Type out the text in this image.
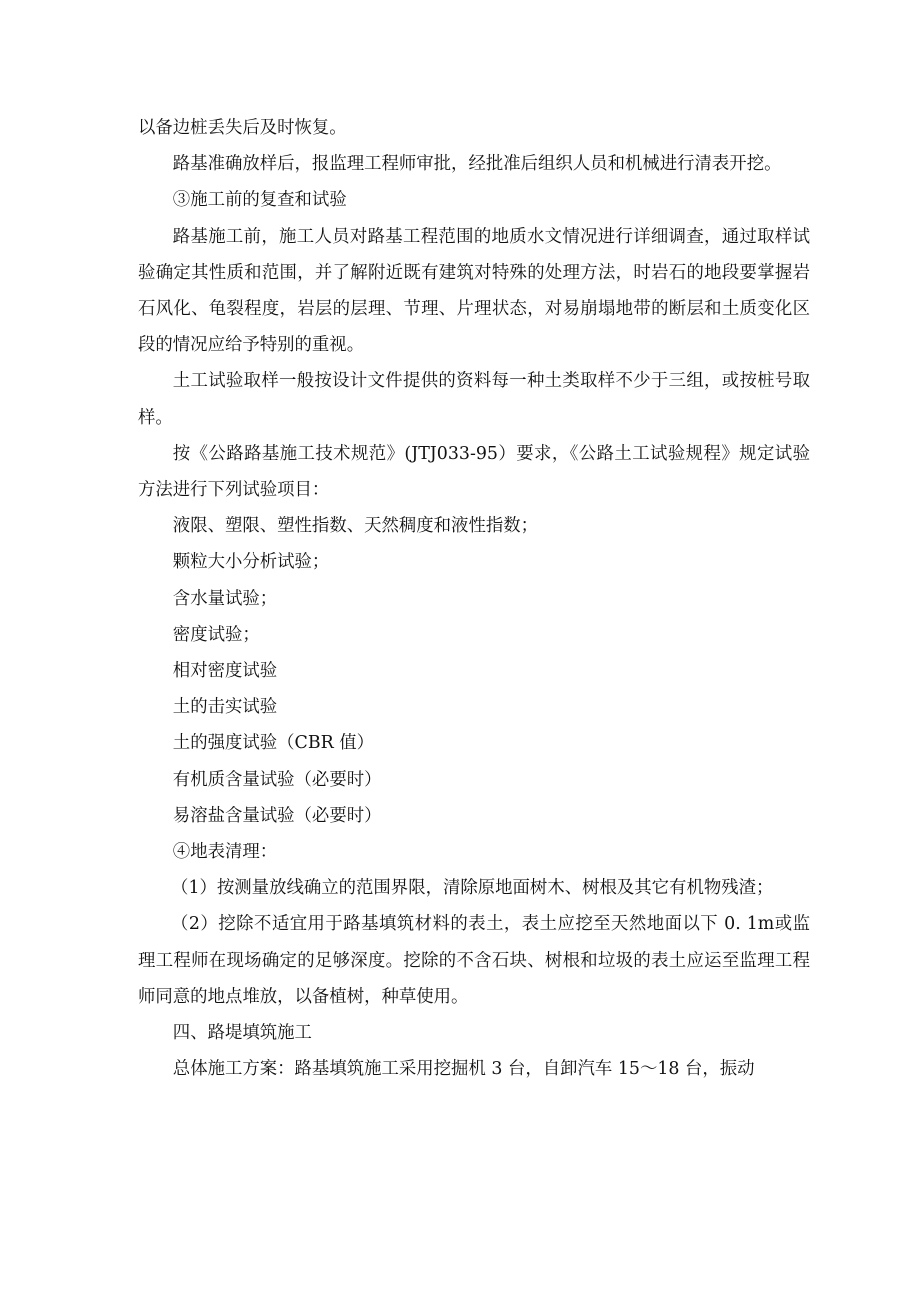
以备边桩丢失后及时恢复。

路基准确放样后，报监理工程师审批，经批准后组织人员和机械进行清表开挖。

③施工前的复查和试验

路基施工前，施工人员对路基工程范围的地质水文情况进行详细调查，通过取样试验确定其性质和范围，并了解附近既有建筑对特殊的处理方法，时岩石的地段要掌握岩石风化、龟裂程度，岩层的层理、节理、片理状态，对易崩塌地带的断层和土质变化区段的情况应给予特别的重视。

土工试验取样一般按设计文件提供的资料每一种土类取样不少于三组，或按桩号取样。

按《公路路基施工技术规范》(JTJ033-95）要求，《公路土工试验规程》规定试验方法进行下列试验项目：

液限、塑限、塑性指数、天然稠度和液性指数；

颗粒大小分析试验；

含水量试验；

密度试验；

相对密度试验

土的击实试验

土的强度试验（CBR 值）

有机质含量试验（必要时）

易溶盐含量试验（必要时）

④地表清理：

（1）按测量放线确立的范围界限，清除原地面树木、树根及其它有机物残渣；

（2）挖除不适宜用于路基填筑材料的表土，表土应挖至天然地面以下 0. 1m或监理工程师在现场确定的足够深度。挖除的不含石块、树根和垃圾的表土应运至监理工程师同意的地点堆放，以备植树，种草使用。

四、路堤填筑施工

总体施工方案：路基填筑施工采用挖掘机 3 台，自卸汽车 15～18 台，振动
